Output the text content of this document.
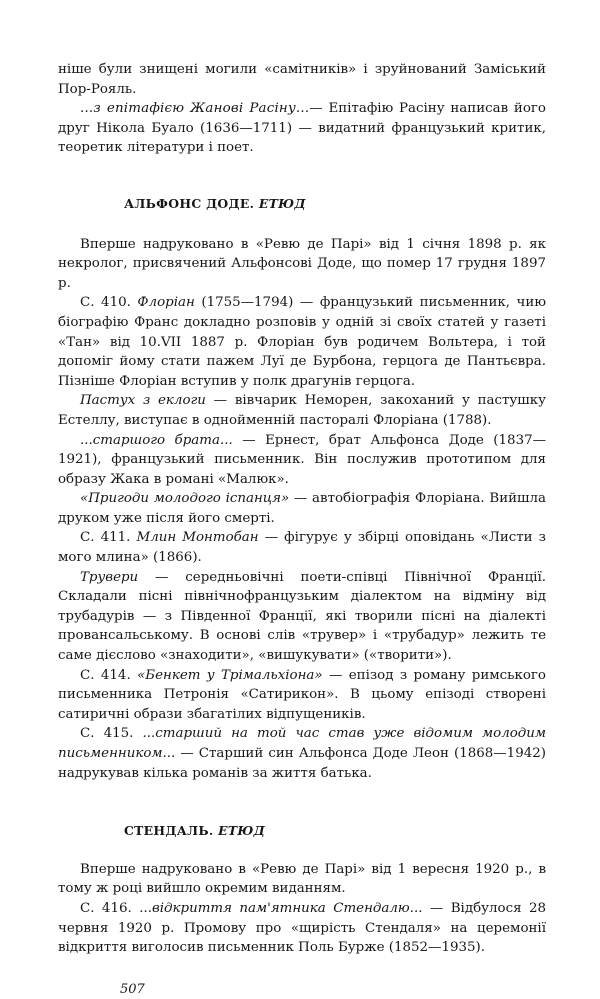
ніше були знищені могили «самітників» і зруйнований Заміський Пор-Рояль.

...з епітафією Жанові Расіну...— Епітафію Расіну написав його друг Нікола Буало (1636—1711) — видатний французький критик, теоретик літератури і поет.

АЛЬФОНС ДОДЕ. ЕТЮД

Вперше надруковано в «Ревю де Парі» від 1 січня 1898 р. як некролог, присвячений Альфонсові Доде, що помер 17 грудня 1897 р.

С. 410. Флоріан (1755—1794) — французький письменник, чию біографію Франс докладно розповів у одній зі своїх статей у газеті «Тан» від 10.VII 1887 р. Флоріан був родичем Вольтера, і той допоміг йому стати пажем Луї де Бурбона, герцога де Пантьєвра. Пізніше Флоріан вступив у полк драгунів герцога.

Пастух з еклоги — вівчарик Неморен, закоханий у пастушку Естеллу, виступає в однойменній пасторалі Флоріана (1788).

...старшого брата... — Ернест, брат Альфонса Доде (1837—1921), французький письменник. Він послужив прототипом для образу Жака в романі «Малюк».

«Пригоди молодого іспанця» — автобіографія Флоріана. Вийшла друком уже після його смерті.

С. 411. Млин Монтобан — фігурує у збірці оповідань «Листи з мого млина» (1866).

Трувери — середньовічні поети-співці Північної Франції. Складали пісні північнофранцузьким діалектом на відміну від трубадурів — з Південної Франції, які творили пісні на діалекті провансальському. В основі слів «трувер» і «трубадур» лежить те саме дієслово «знаходити», «вишукувати» («творити»).

С. 414. «Бенкет у Трімальхіона» — епізод з роману римського письменника Петронія «Сатирикон». В цьому епізоді створені сатиричні образи збагатілих відпущеників.

С. 415. ...старший на той час став уже відомим молодим письменником... — Старший син Альфонса Доде Леон (1868—1942) надрукував кілька романів за життя батька.

СТЕНДАЛЬ. ЕТЮД

Вперше надруковано в «Ревю де Парі» від 1 вересня 1920 р., в тому ж році вийшло окремим виданням.

С. 416. ...відкриття пам'ятника Стендалю... — Відбулося 28 червня 1920 р. Промову про «щирість Стендаля» на церемонії відкриття виголосив письменник Поль Бурже (1852—1935).

507
